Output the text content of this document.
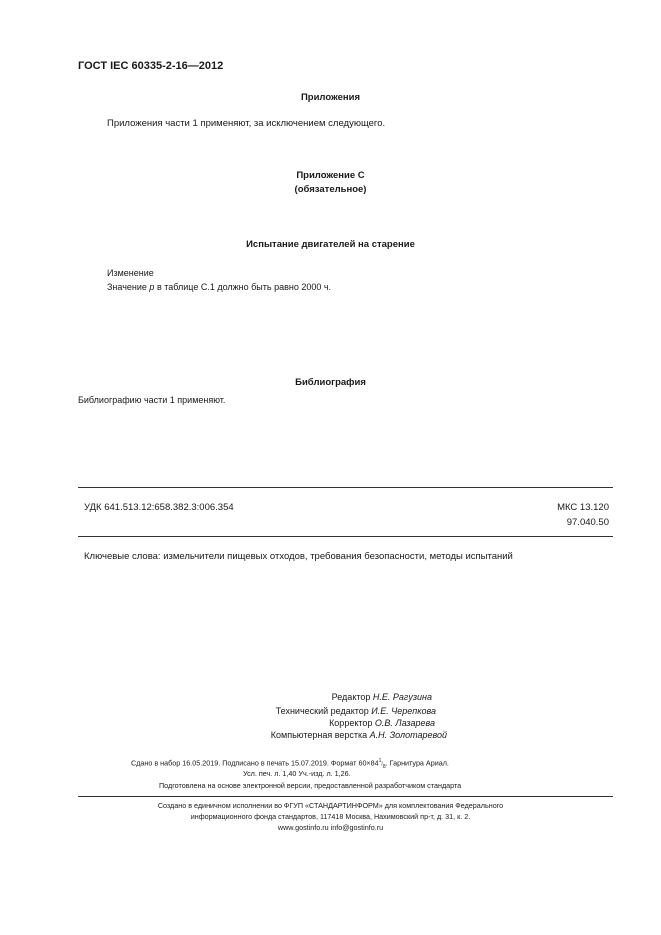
ГОСТ IEC 60335-2-16—2012
Приложения
Приложения части 1 применяют, за исключением следующего.
Приложение С
(обязательное)
Испытание двигателей на старение
Изменение
Значение p в таблице С.1 должно быть равно 2000 ч.
Библиография
Библиографию части 1 применяют.
УДК 641.513.12:658.382.3:006.354	МКС 13.120
97.040.50
Ключевые слова: измельчители пищевых отходов, требования безопасности, методы испытаний
Редактор Н.Е. Рагузина
Технический редактор И.Е. Черепкова
Корректор О.В. Лазарева
Компьютерная верстка А.Н. Золотаревой
Сдано в набор 16.05.2019. Подписано в печать 15.07.2019. Формат $60\times 84^1/_8$. Гарнитура Ариал.
Усл. печ. л. 1,40 Уч.-изд. л. 1,26.
Подготовлена на основе электронной версии, предоставленной разработчиком стандарта
Создано в единичном исполнении во ФГУП «СТАНДАРТИНФОРМ» для комплектования Федерального
информационного фонда стандартов, 117418 Москва, Нахимовский пр-т, д. 31, к. 2.
www.gostinfo.ru info@gostinfo.ru
